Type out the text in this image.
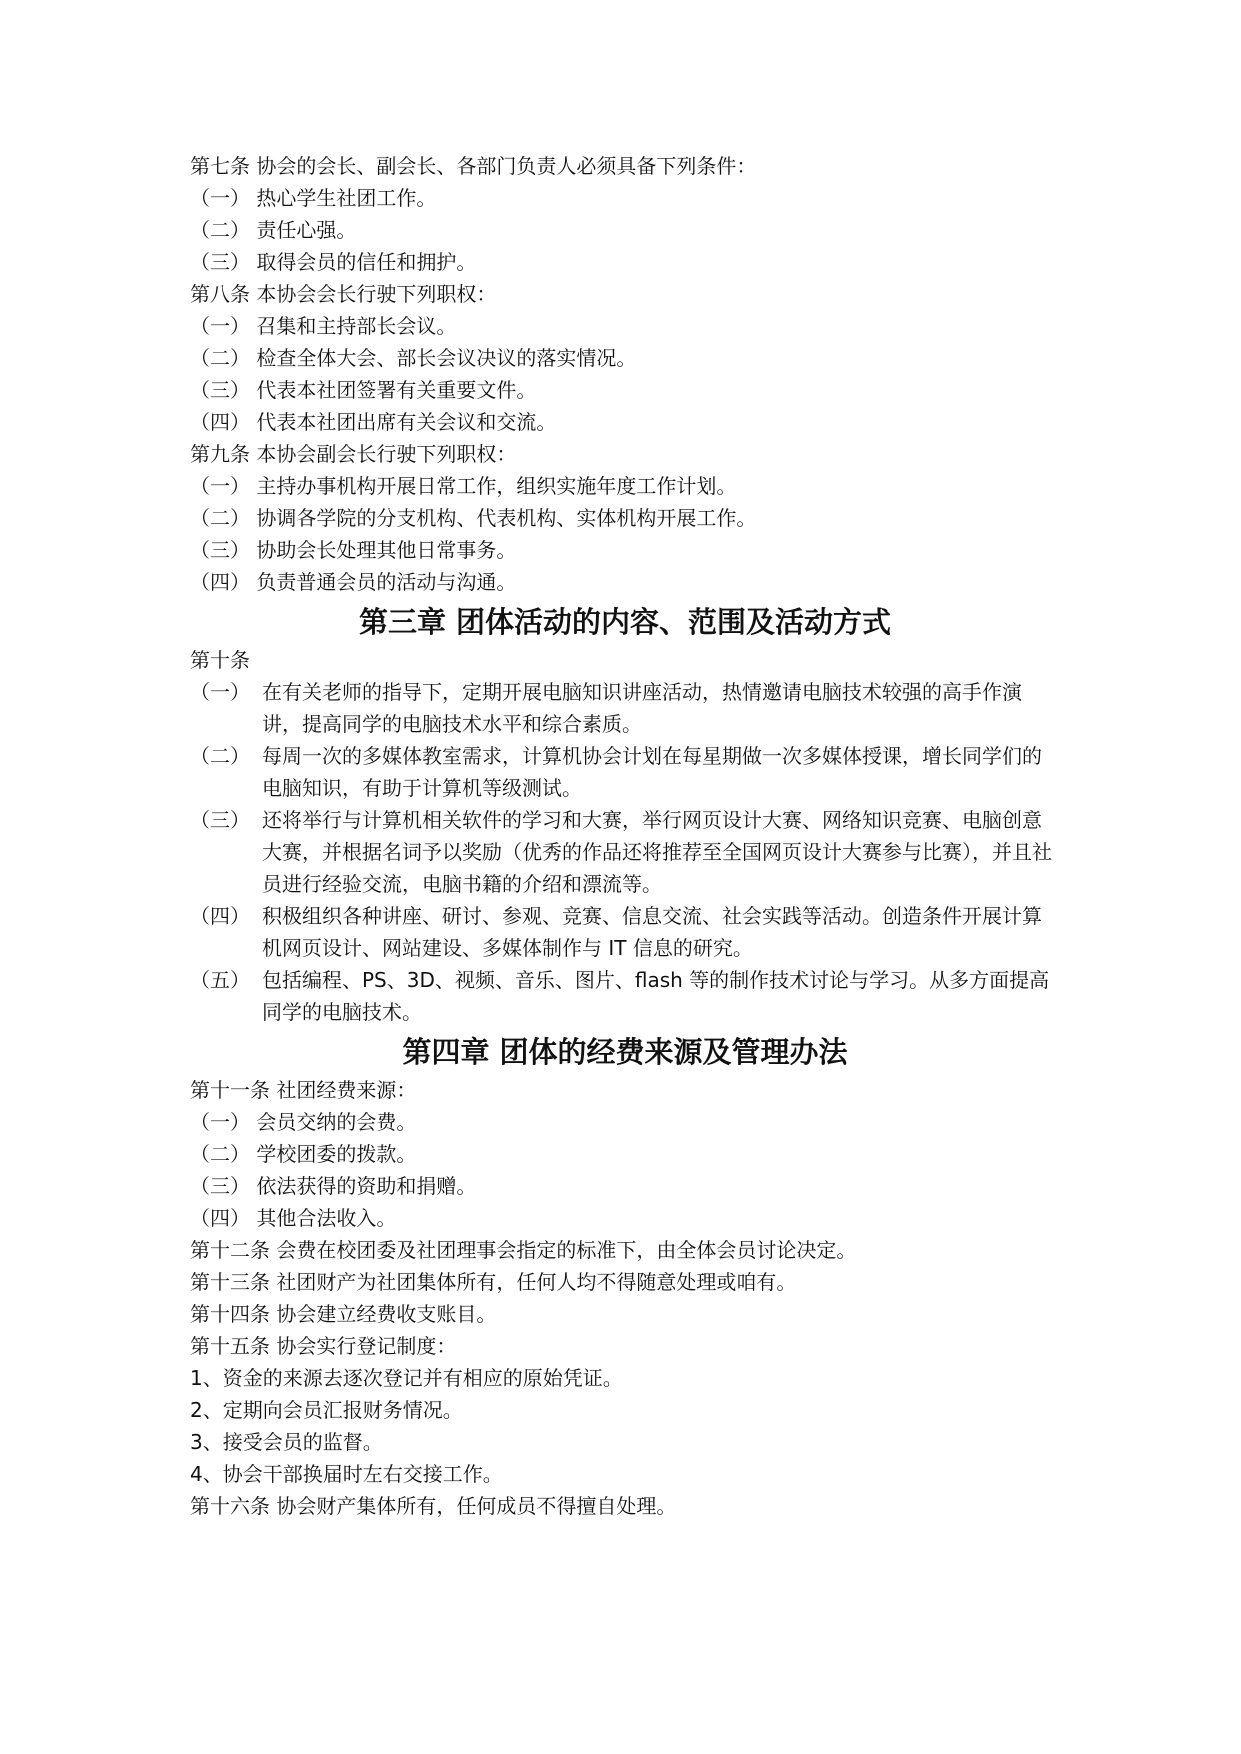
第七条 协会的会长、副会长、各部门负责人必须具备下列条件：
（一） 热心学生社团工作。
（二） 责任心强。
（三） 取得会员的信任和拥护。
第八条 本协会会长行驶下列职权：
（一） 召集和主持部长会议。
（二） 检查全体大会、部长会议决议的落实情况。
（三） 代表本社团签署有关重要文件。
（四） 代表本社团出席有关会议和交流。
第九条 本协会副会长行驶下列职权：
（一） 主持办事机构开展日常工作，组织实施年度工作计划。
（二） 协调各学院的分支机构、代表机构、实体机构开展工作。
（三） 协助会长处理其他日常事务。
（四） 负责普通会员的活动与沟通。
第三章 团体活动的内容、范围及活动方式
第十条
（一） 在有关老师的指导下，定期开展电脑知识讲座活动，热情邀请电脑技术较强的高手作演讲，提高同学的电脑技术水平和综合素质。
（二） 每周一次的多媒体教室需求，计算机协会计划在每星期做一次多媒体授课，增长同学们的电脑知识，有助于计算机等级测试。
（三） 还将举行与计算机相关软件的学习和大赛，举行网页设计大赛、网络知识竞赛、电脑创意大赛，并根据名词予以奖励（优秀的作品还将推荐至全国网页设计大赛参与比赛），并且社员进行经验交流，电脑书籍的介绍和漂流等。
（四） 积极组织各种讲座、研讨、参观、竞赛、信息交流、社会实践等活动。创造条件开展计算机网页设计、网站建设、多媒体制作与 IT 信息的研究。
（五） 包括编程、PS、3D、视频、音乐、图片、flash 等的制作技术讨论与学习。从多方面提高同学的电脑技术。
第四章 团体的经费来源及管理办法
第十一条 社团经费来源：
（一） 会员交纳的会费。
（二） 学校团委的拨款。
（三） 依法获得的资助和捐赠。
（四） 其他合法收入。
第十二条 会费在校团委及社团理事会指定的标准下，由全体会员讨论决定。
第十三条 社团财产为社团集体所有，任何人均不得随意处理或咱有。
第十四条 协会建立经费收支账目。
第十五条 协会实行登记制度：
1、资金的来源去逐次登记并有相应的原始凭证。
2、定期向会员汇报财务情况。
3、接受会员的监督。
4、协会干部换届时左右交接工作。
第十六条 协会财产集体所有，任何成员不得擅自处理。
